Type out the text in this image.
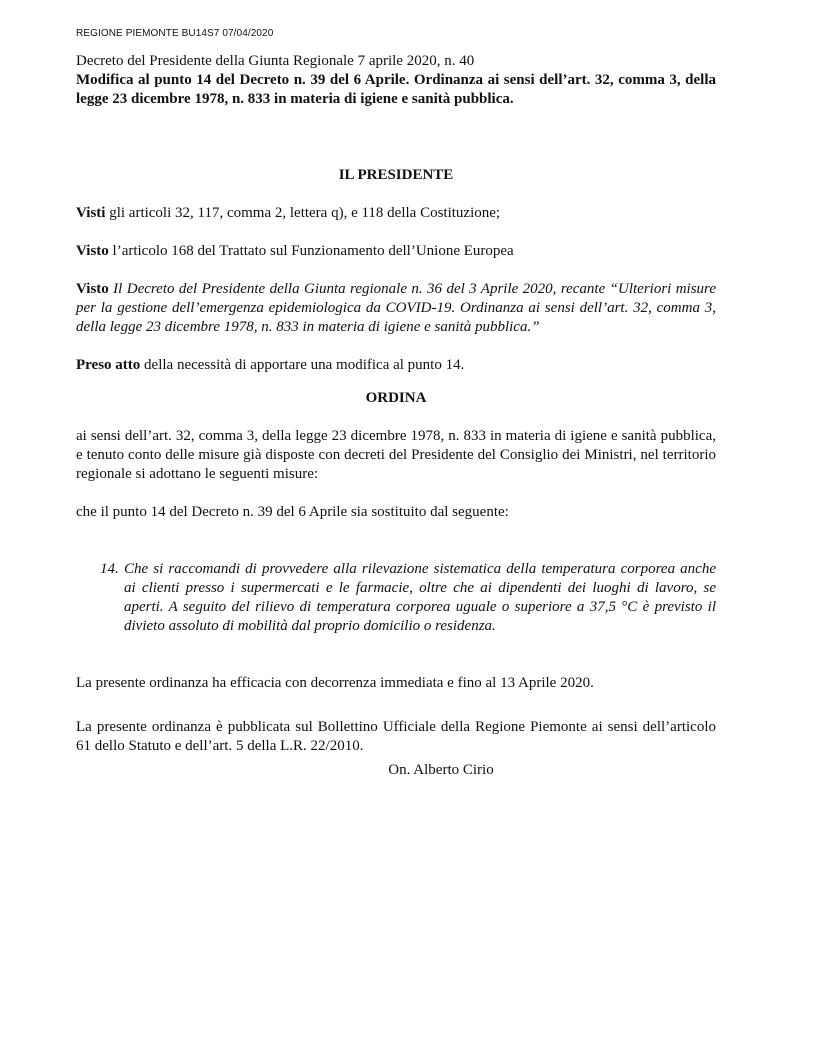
REGIONE PIEMONTE BU14S7 07/04/2020

Decreto del Presidente della Giunta Regionale 7 aprile 2020, n. 40

Modifica al punto 14 del Decreto n. 39 del 6 Aprile. Ordinanza ai sensi dell’art. 32, comma 3, della legge 23 dicembre 1978, n. 833 in materia di igiene e sanità pubblica.

IL PRESIDENTE

Visti gli articoli 32, 117, comma 2, lettera q), e 118 della Costituzione;

Visto l’articolo 168 del Trattato sul Funzionamento dell’Unione Europea

Visto Il Decreto del Presidente della Giunta regionale n. 36 del 3 Aprile 2020, recante “Ulteriori misure per la gestione dell’emergenza epidemiologica da COVID-19. Ordinanza ai sensi dell’art. 32, comma 3, della legge 23 dicembre 1978, n. 833 in materia di igiene e sanità pubblica.”

Preso atto della necessità di apportare una modifica al punto 14.

ORDINA

ai sensi dell’art. 32, comma 3, della legge 23 dicembre 1978, n. 833 in materia di igiene e sanità pubblica, e tenuto conto delle misure già disposte con decreti del Presidente del Consiglio dei Ministri, nel territorio regionale si adottano le seguenti misure:

che il punto 14 del Decreto n. 39 del 6 Aprile sia sostituito dal seguente:

14. Che si raccomandi di provvedere alla rilevazione sistematica della temperatura corporea anche ai clienti presso i supermercati e le farmacie, oltre che ai dipendenti dei luoghi di lavoro, se aperti. A seguito del rilievo di temperatura corporea uguale o superiore a 37,5 °C è previsto il divieto assoluto di mobilità dal proprio domicilio o residenza.

La presente ordinanza ha efficacia con decorrenza immediata e fino al 13 Aprile 2020.

La presente ordinanza è pubblicata sul Bollettino Ufficiale della Regione Piemonte ai sensi dell’articolo 61 dello Statuto e dell’art. 5 della L.R. 22/2010.

On. Alberto Cirio
